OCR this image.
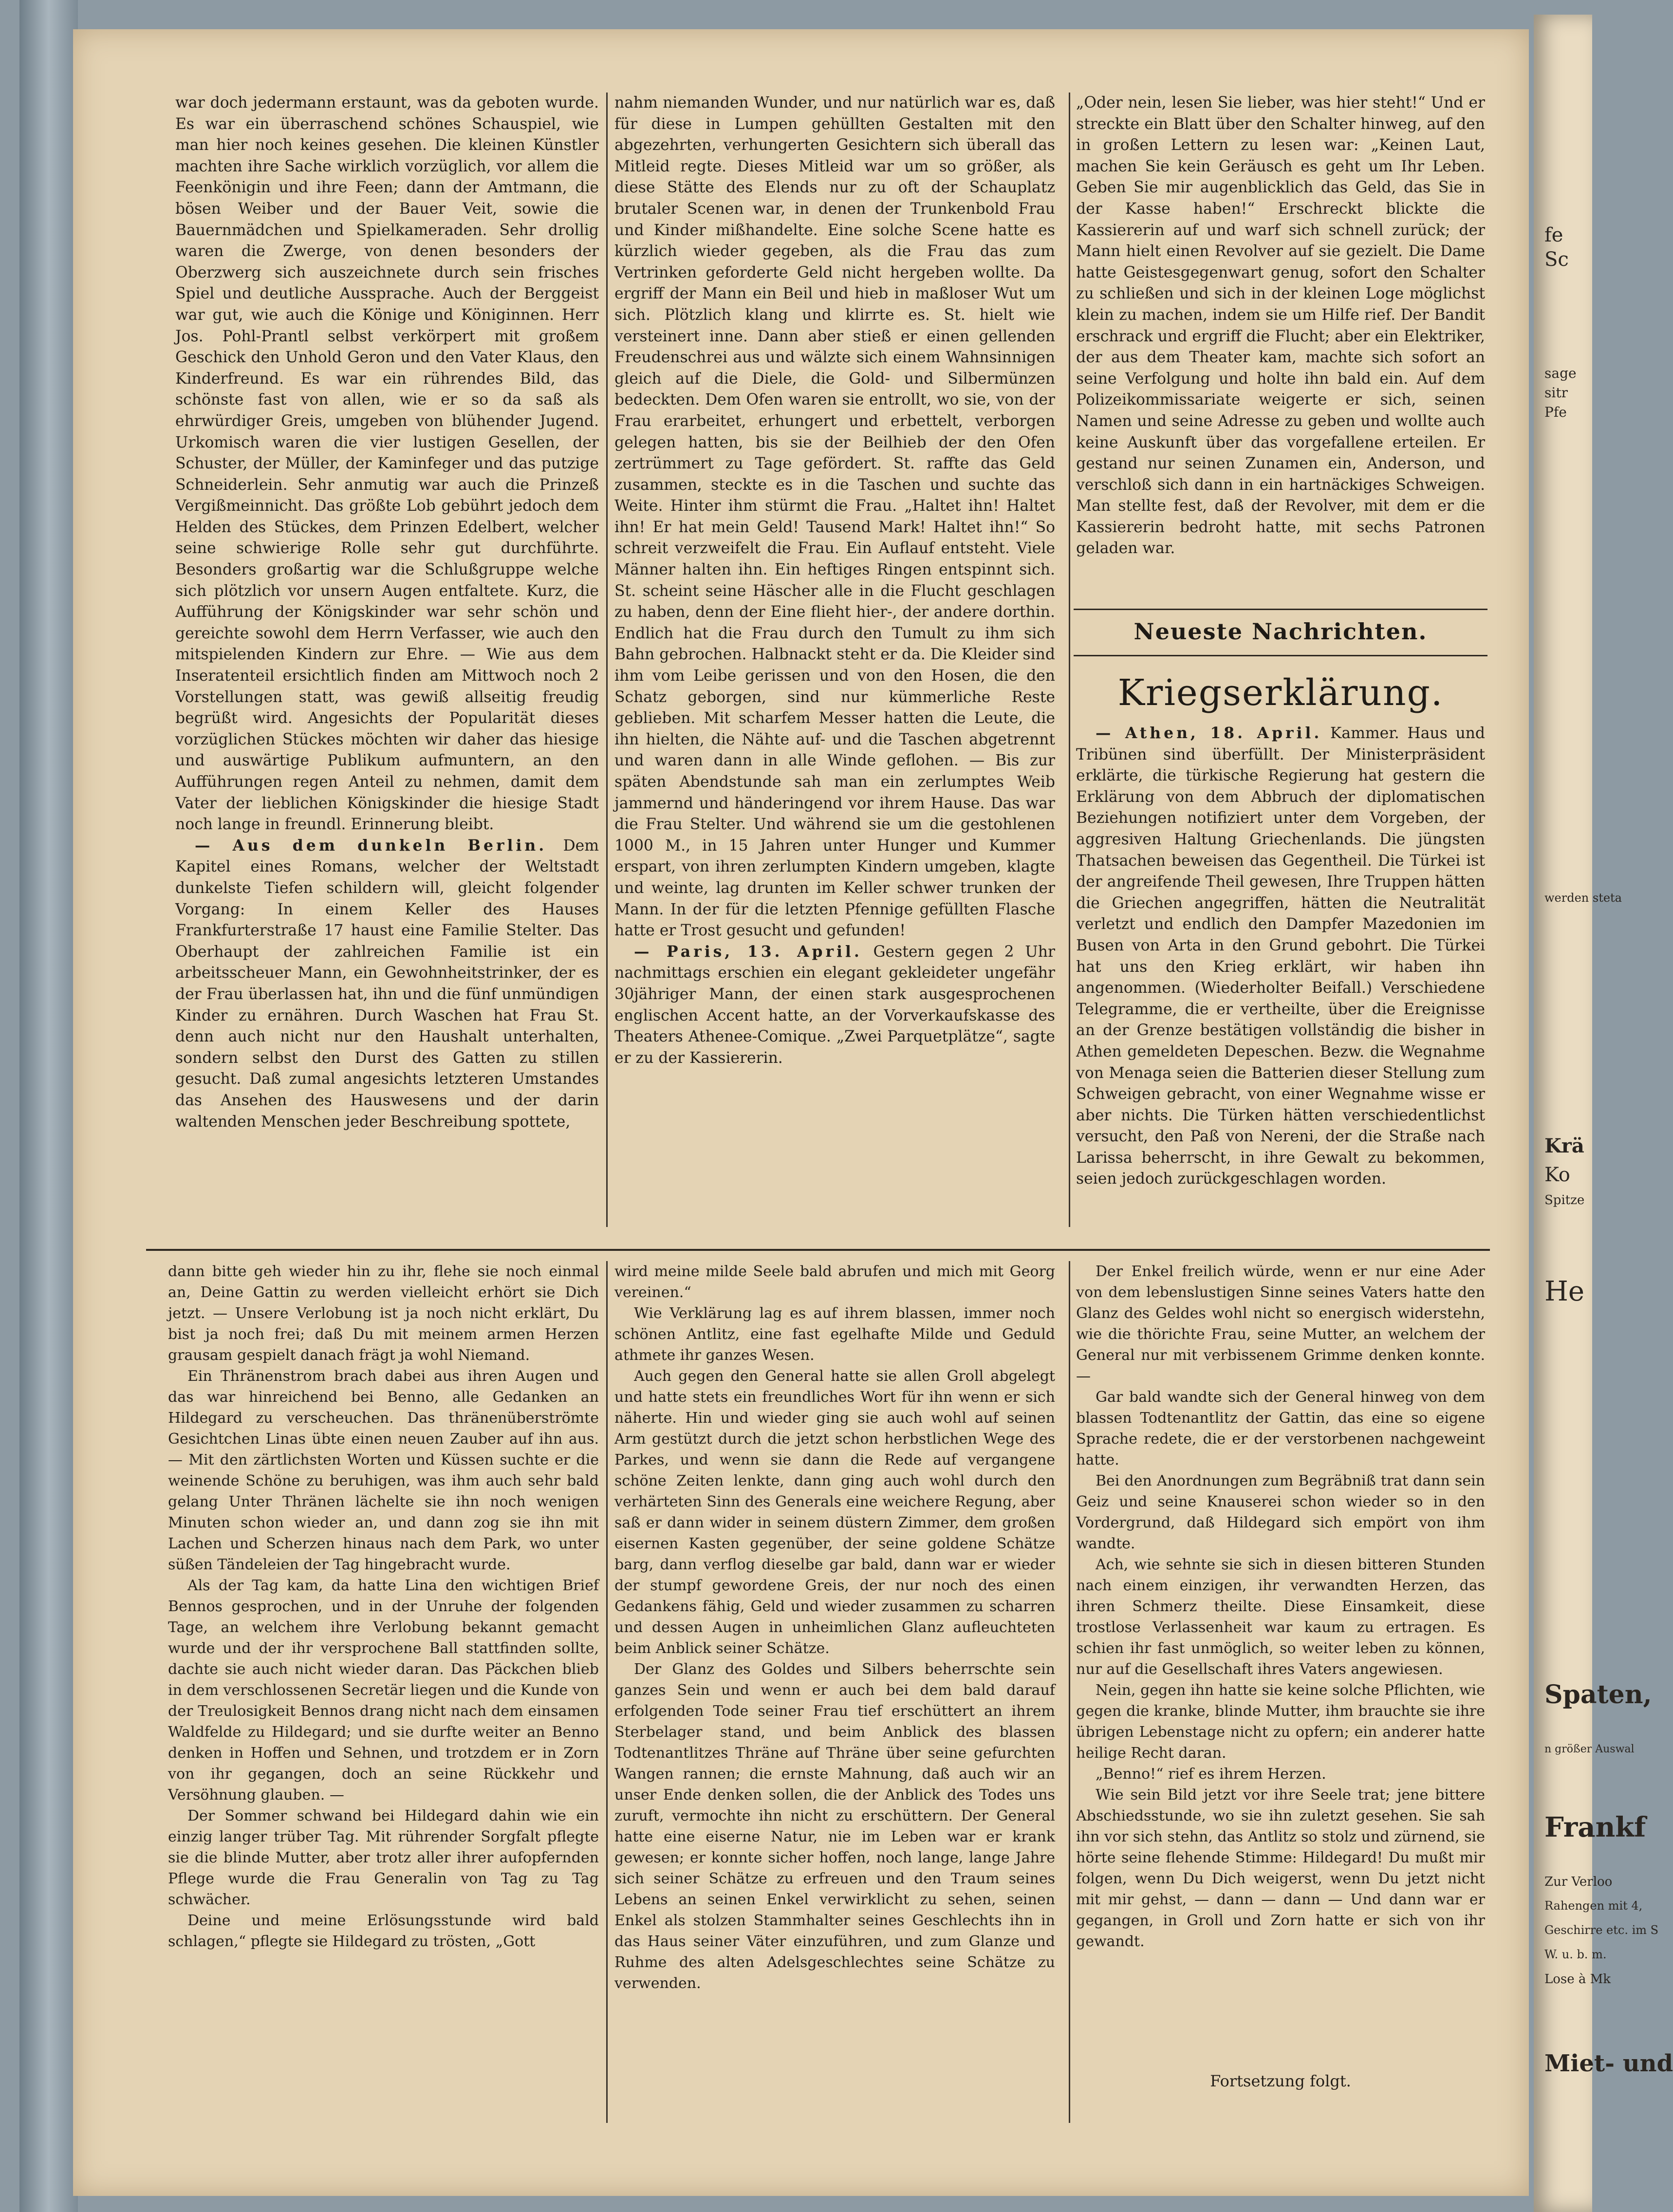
war doch jedermann erstaunt, was da geboten wurde. Es war ein überraschend schönes Schauspiel, wie man hier noch keines gesehen. Die kleinen Künstler machten ihre Sache wirklich vorzüglich, vor allem die Feenkönigin und ihre Feen; dann der Amtmann, die bösen Weiber und der Bauer Veit, sowie die Bauernmädchen und Spielkameraden. Sehr drollig waren die Zwerge, von denen besonders der Oberzwerg sich auszeichnete durch sein frisches Spiel und deutliche Aussprache. Auch der Berggeist war gut, wie auch die Könige und Königinnen. Herr Jos. Pohl-Prantl selbst verkörpert mit großem Geschick den Unhold Geron und den Vater Klaus, den Kinderfreund. Es war ein rührendes Bild, das schönste fast von allen, wie er so da saß als ehrwürdiger Greis, umgeben von blühender Jugend. Urkomisch waren die vier lustigen Gesellen, der Schuster, der Müller, der Kaminfeger und das putzige Schneiderlein. Sehr anmutig war auch die Prinzeß Vergißmeinnicht. Das größte Lob gebührt jedoch dem Helden des Stückes, dem Prinzen Edelbert, welcher seine schwierige Rolle sehr gut durchführte. Besonders großartig war die Schlußgruppe welche sich plötzlich vor unsern Augen entfaltete. Kurz, die Aufführung der Königskinder war sehr schön und gereichte sowohl dem Herrn Verfasser, wie auch den mitspielenden Kindern zur Ehre. — Wie aus dem Inseratenteil ersichtlich finden am Mittwoch noch 2 Vorstellungen statt, was gewiß allseitig freudig begrüßt wird. Angesichts der Popularität dieses vorzüglichen Stückes möchten wir daher das hiesige und auswärtige Publikum aufmuntern, an den Aufführungen regen Anteil zu nehmen, damit dem Vater der lieblichen Königskinder die hiesige Stadt noch lange in freundl. Erinnerung bleibt.

— Aus dem dunkeln Berlin. Dem Kapitel eines Romans, welcher der Weltstadt dunkelste Tiefen schildern will, gleicht folgender Vorgang: In einem Keller des Hauses Frankfurterstraße 17 haust eine Familie Stelter. Das Oberhaupt der zahlreichen Familie ist ein arbeitsscheuer Mann, ein Gewohnheitstrinker, der es der Frau überlassen hat, ihn und die fünf unmündigen Kinder zu ernähren. Durch Waschen hat Frau St. denn auch nicht nur den Haushalt unterhalten, sondern selbst den Durst des Gatten zu stillen gesucht. Daß zumal angesichts letzteren Umstandes das Ansehen des Hauswesens und der darin waltenden Menschen jeder Beschreibung spottete,

nahm niemanden Wunder, und nur natürlich war es, daß für diese in Lumpen gehüllten Gestalten mit den abgezehrten, verhungerten Gesichtern sich überall das Mitleid regte. Dieses Mitleid war um so größer, als diese Stätte des Elends nur zu oft der Schauplatz brutaler Scenen war, in denen der Trunkenbold Frau und Kinder mißhandelte. Eine solche Scene hatte es kürzlich wieder gegeben, als die Frau das zum Vertrinken geforderte Geld nicht hergeben wollte. Da ergriff der Mann ein Beil und hieb in maßloser Wut um sich. Plötzlich klang und klirrte es. St. hielt wie versteinert inne. Dann aber stieß er einen gellenden Freudenschrei aus und wälzte sich einem Wahnsinnigen gleich auf die Diele, die Gold- und Silbermünzen bedeckten. Dem Ofen waren sie entrollt, wo sie, von der Frau erarbeitet, erhungert und erbettelt, verborgen gelegen hatten, bis sie der Beilhieb der den Ofen zertrümmert zu Tage gefördert. St. raffte das Geld zusammen, steckte es in die Taschen und suchte das Weite. Hinter ihm stürmt die Frau. „Haltet ihn! Haltet ihn! Er hat mein Geld! Tausend Mark! Haltet ihn!“ So schreit verzweifelt die Frau. Ein Auflauf entsteht. Viele Männer halten ihn. Ein heftiges Ringen entspinnt sich. St. scheint seine Häscher alle in die Flucht geschlagen zu haben, denn der Eine flieht hier-, der andere dorthin. Endlich hat die Frau durch den Tumult zu ihm sich Bahn gebrochen. Halbnackt steht er da. Die Kleider sind ihm vom Leibe gerissen und von den Hosen, die den Schatz geborgen, sind nur kümmerliche Reste geblieben. Mit scharfem Messer hatten die Leute, die ihn hielten, die Nähte auf- und die Taschen abgetrennt und waren dann in alle Winde geflohen. — Bis zur späten Abendstunde sah man ein zerlumptes Weib jammernd und händeringend vor ihrem Hause. Das war die Frau Stelter. Und während sie um die gestohlenen 1000 M., in 15 Jahren unter Hunger und Kummer erspart, von ihren zerlumpten Kindern umgeben, klagte und weinte, lag drunten im Keller schwer trunken der Mann. In der für die letzten Pfennige gefüllten Flasche hatte er Trost gesucht und gefunden!

— Paris, 13. April. Gestern gegen 2 Uhr nachmittags erschien ein elegant gekleideter ungefähr 30jähriger Mann, der einen stark ausgesprochenen englischen Accent hatte, an der Vorverkaufskasse des Theaters Athenee-Comique. „Zwei Parquetplätze“, sagte er zu der Kassiererin.

„Oder nein, lesen Sie lieber, was hier steht!“ Und er streckte ein Blatt über den Schalter hinweg, auf den in großen Lettern zu lesen war: „Keinen Laut, machen Sie kein Geräusch es geht um Ihr Leben. Geben Sie mir augenblicklich das Geld, das Sie in der Kasse haben!“ Erschreckt blickte die Kassiererin auf und warf sich schnell zurück; der Mann hielt einen Revolver auf sie gezielt. Die Dame hatte Geistesgegenwart genug, sofort den Schalter zu schließen und sich in der kleinen Loge möglichst klein zu machen, indem sie um Hilfe rief. Der Bandit erschrack und ergriff die Flucht; aber ein Elektriker, der aus dem Theater kam, machte sich sofort an seine Verfolgung und holte ihn bald ein. Auf dem Polizeikommissariate weigerte er sich, seinen Namen und seine Adresse zu geben und wollte auch keine Auskunft über das vorgefallene erteilen. Er gestand nur seinen Zunamen ein, Anderson, und verschloß sich dann in ein hartnäckiges Schweigen. Man stellte fest, daß der Revolver, mit dem er die Kassiererin bedroht hatte, mit sechs Patronen geladen war.

Neueste Nachrichten.
Kriegserklärung.

— Athen, 18. April. Kammer. Haus und Tribünen sind überfüllt. Der Ministerpräsident erklärte, die türkische Regierung hat gestern die Erklärung von dem Abbruch der diplomatischen Beziehungen notifiziert unter dem Vorgeben, der aggresiven Haltung Griechenlands. Die jüngsten Thatsachen beweisen das Gegentheil. Die Türkei ist der angreifende Theil gewesen, Ihre Truppen hätten die Griechen angegriffen, hätten die Neutralität verletzt und endlich den Dampfer Mazedonien im Busen von Arta in den Grund gebohrt. Die Türkei hat uns den Krieg erklärt, wir haben ihn angenommen. (Wiederholter Beifall.) Verschiedene Telegramme, die er vertheilte, über die Ereignisse an der Grenze bestätigen vollständig die bisher in Athen gemeldeten Depeschen. Bezw. die Wegnahme von Menaga seien die Batterien dieser Stellung zum Schweigen gebracht, von einer Wegnahme wisse er aber nichts. Die Türken hätten verschiedentlichst versucht, den Paß von Nereni, der die Straße nach Larissa beherrscht, in ihre Gewalt zu bekommen, seien jedoch zurückgeschlagen worden.

dann bitte geh wieder hin zu ihr, flehe sie noch einmal an, Deine Gattin zu werden vielleicht erhört sie Dich jetzt. — Unsere Verlobung ist ja noch nicht erklärt, Du bist ja noch frei; daß Du mit meinem armen Herzen grausam gespielt danach frägt ja wohl Niemand.

Ein Thränenstrom brach dabei aus ihren Augen und das war hinreichend bei Benno, alle Gedanken an Hildegard zu verscheuchen. Das thränenüberströmte Gesichtchen Linas übte einen neuen Zauber auf ihn aus. — Mit den zärtlichsten Worten und Küssen suchte er die weinende Schöne zu beruhigen, was ihm auch sehr bald gelang Unter Thränen lächelte sie ihn noch wenigen Minuten schon wieder an, und dann zog sie ihn mit Lachen und Scherzen hinaus nach dem Park, wo unter süßen Tändeleien der Tag hingebracht wurde.

Als der Tag kam, da hatte Lina den wichtigen Brief Bennos gesprochen, und in der Unruhe der folgenden Tage, an welchem ihre Verlobung bekannt gemacht wurde und der ihr versprochene Ball stattfinden sollte, dachte sie auch nicht wieder daran. Das Päckchen blieb in dem verschlossenen Secretär liegen und die Kunde von der Treulosigkeit Bennos drang nicht nach dem einsamen Waldfelde zu Hildegard; und sie durfte weiter an Benno denken in Hoffen und Sehnen, und trotzdem er in Zorn von ihr gegangen, doch an seine Rückkehr und Versöhnung glauben. —

Der Sommer schwand bei Hildegard dahin wie ein einzig langer trüber Tag. Mit rührender Sorgfalt pflegte sie die blinde Mutter, aber trotz aller ihrer aufopfernden Pflege wurde die Frau Generalin von Tag zu Tag schwächer.

Deine und meine Erlösungsstunde wird bald schlagen,“ pflegte sie Hildegard zu trösten, „Gott

wird meine milde Seele bald abrufen und mich mit Georg vereinen.“

Wie Verklärung lag es auf ihrem blassen, immer noch schönen Antlitz, eine fast egelhafte Milde und Geduld athmete ihr ganzes Wesen.

Auch gegen den General hatte sie allen Groll abgelegt und hatte stets ein freundliches Wort für ihn wenn er sich näherte. Hin und wieder ging sie auch wohl auf seinen Arm gestützt durch die jetzt schon herbstlichen Wege des Parkes, und wenn sie dann die Rede auf vergangene schöne Zeiten lenkte, dann ging auch wohl durch den verhärteten Sinn des Generals eine weichere Regung, aber saß er dann wider in seinem düstern Zimmer, dem großen eisernen Kasten gegenüber, der seine goldene Schätze barg, dann verflog dieselbe gar bald, dann war er wieder der stumpf gewordene Greis, der nur noch des einen Gedankens fähig, Geld und wieder zusammen zu scharren und dessen Augen in unheimlichen Glanz aufleuchteten beim Anblick seiner Schätze.

Der Glanz des Goldes und Silbers beherrschte sein ganzes Sein und wenn er auch bei dem bald darauf erfolgenden Tode seiner Frau tief erschüttert an ihrem Sterbelager stand, und beim Anblick des blassen Todtenantlitzes Thräne auf Thräne über seine gefurchten Wangen rannen; die ernste Mahnung, daß auch wir an unser Ende denken sollen, die der Anblick des Todes uns zuruft, vermochte ihn nicht zu erschüttern. Der General hatte eine eiserne Natur, nie im Leben war er krank gewesen; er konnte sicher hoffen, noch lange, lange Jahre sich seiner Schätze zu erfreuen und den Traum seines Lebens an seinen Enkel verwirklicht zu sehen, seinen Enkel als stolzen Stammhalter seines Geschlechts ihn in das Haus seiner Väter einzuführen, und zum Glanze und Ruhme des alten Adelsgeschlechtes seine Schätze zu verwenden.

Der Enkel freilich würde, wenn er nur eine Ader von dem lebenslustigen Sinne seines Vaters hatte den Glanz des Geldes wohl nicht so energisch widerstehn, wie die thörichte Frau, seine Mutter, an welchem der General nur mit verbissenem Grimme denken konnte. —

Gar bald wandte sich der General hinweg von dem blassen Todtenantlitz der Gattin, das eine so eigene Sprache redete, die er der verstorbenen nachgeweint hatte.

Bei den Anordnungen zum Begräbniß trat dann sein Geiz und seine Knauserei schon wieder so in den Vordergrund, daß Hildegard sich empört von ihm wandte.

Ach, wie sehnte sie sich in diesen bitteren Stunden nach einem einzigen, ihr verwandten Herzen, das ihren Schmerz theilte. Diese Einsamkeit, diese trostlose Verlassenheit war kaum zu ertragen. Es schien ihr fast unmöglich, so weiter leben zu können, nur auf die Gesellschaft ihres Vaters angewiesen.

Nein, gegen ihn hatte sie keine solche Pflichten, wie gegen die kranke, blinde Mutter, ihm brauchte sie ihre übrigen Lebenstage nicht zu opfern; ein anderer hatte heilige Recht daran.

„Benno!“ rief es ihrem Herzen.

Wie sein Bild jetzt vor ihre Seele trat; jene bittere Abschiedsstunde, wo sie ihn zuletzt gesehen. Sie sah ihn vor sich stehn, das Antlitz so stolz und zürnend, sie hörte seine flehende Stimme: Hildegard! Du mußt mir folgen, wenn Du Dich weigerst, wenn Du jetzt nicht mit mir gehst, — dann — dann — Und dann war er gegangen, in Groll und Zorn hatte er sich von ihr gewandt.

Fortsetzung folgt.
fe
Sc
sage
sitr
Pfe
werden steta
Krä
Ko
Spitze
He
Spaten,
n größer Auswal
Frankf
Zur Verloo
Rahengen mit 4,
Geschirre etc. im S
W. u. b. m.
Lose à Mk
Miet- und
